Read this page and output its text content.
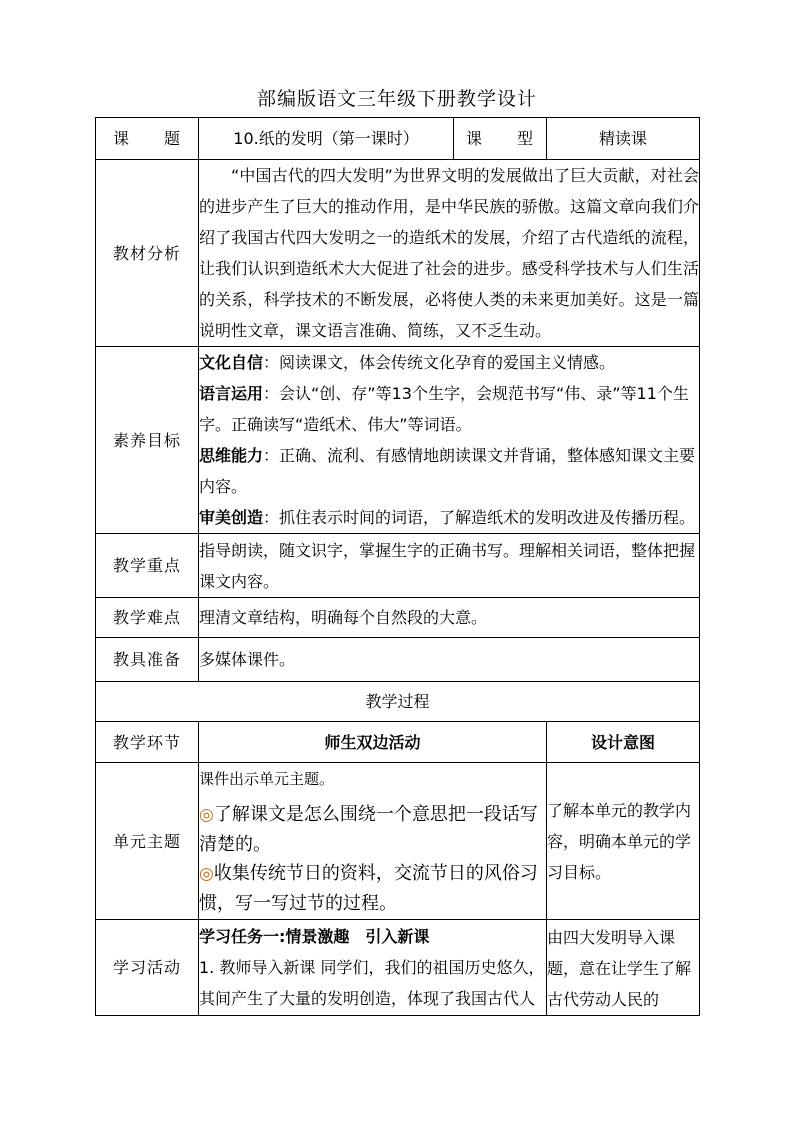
部编版语文三年级下册教学设计
课　　题	10.纸的发明（第一课时）	课　　型	精读课
教材分析	“中国古代的四大发明”为世界文明的发展做出了巨大贡献，对社会的进步产生了巨大的推动作用，是中华民族的骄傲。这篇文章向我们介绍了我国古代四大发明之一的造纸术的发展，介绍了古代造纸的流程，让我们认识到造纸术大大促进了社会的进步。感受科学技术与人们生活的关系，科学技术的不断发展，必将使人类的未来更加美好。这是一篇说明性文章，课文语言准确、简练，又不乏生动。		

素养目标	文化自信：阅读课文，体会传统文化孕育的爱国主义情感。
语言运用：会认“创、存”等13个生字，会规范书写“伟、录”等11个生字。正确读写“造纸术、伟大”等词语。
思维能力：正确、流利、有感情地朗读课文并背诵，整体感知课文主要内容。
审美创造：抓住表示时间的词语，了解造纸术的发明改进及传播历程。		

教学重点	指导朗读，随文识字，掌握生字的正确书写。理解相关词语，整体把握课文内容。		
教学难点	理清文章结构，明确每个自然段的大意。		
教具准备	多媒体课件。		
教学过程			
教学环节	师生双边活动		设计意图
单元主题	课件出示单元主题。
◎了解课文是怎么围绕一个意思把一段话写清楚的。
◎收集传统节日的资料，交流节日的风俗习惯，写一写过节的过程。		了解本单元的教学内容，明确本单元的学习目标。
学习活动	学习任务一:情景激趣　引入新课
1. 教师导入新课 同学们，我们的祖国历史悠久，其间产生了大量的发明创造，体现了我国古代人		由四大发明导入课题，意在让学生了解古代劳动人民的
